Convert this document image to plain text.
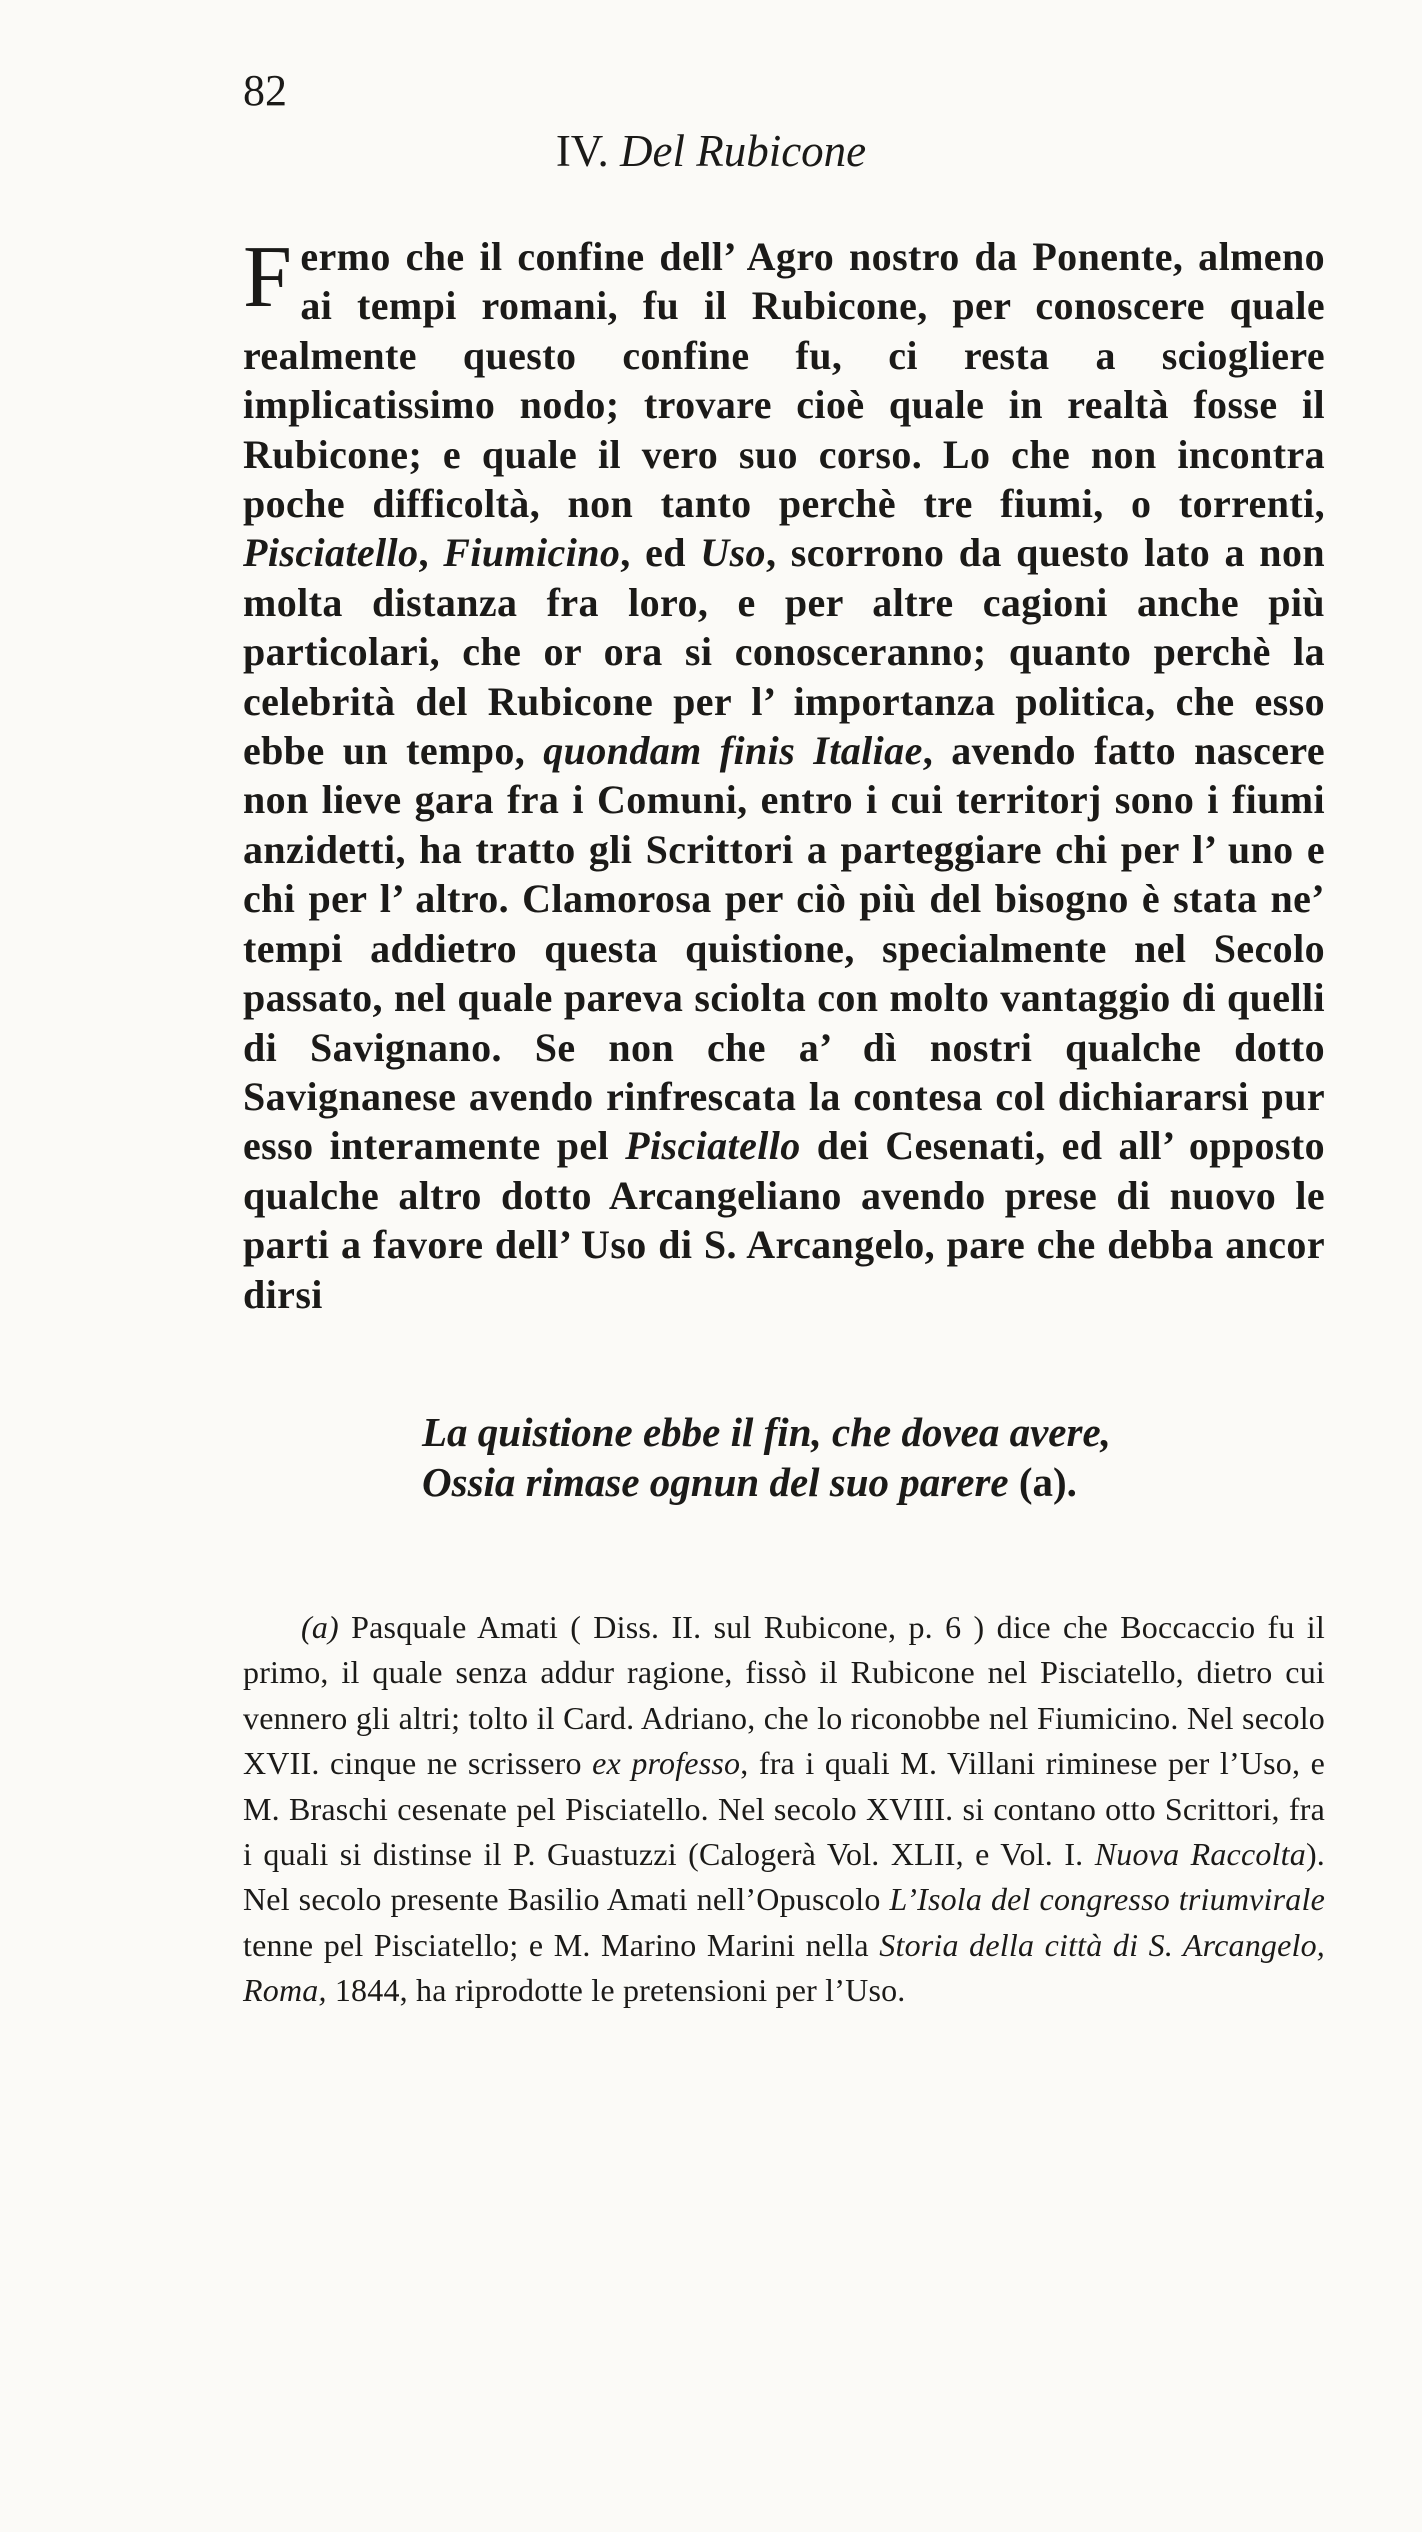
82
IV. Del Rubicone

Fermo che il confine dell’ Agro nostro da Ponente, almeno ai tempi romani, fu il Rubicone, per conoscere quale realmente questo confine fu, ci resta a sciogliere implicatissimo nodo; trovare cioè quale in realtà fosse il Rubicone; e quale il vero suo corso. Lo che non incontra poche difficoltà, non tanto perchè tre fiumi, o torrenti, Pisciatello, Fiumicino, ed Uso, scorrono da questo lato a non molta distanza fra loro, e per altre cagioni anche più particolari, che or ora si conosceranno; quanto perchè la celebrità del Rubicone per l’ importanza politica, che esso ebbe un tempo, quondam finis Italiae, avendo fatto nascere non lieve gara fra i Comuni, entro i cui territorj sono i fiumi anzidetti, ha tratto gli Scrittori a parteggiare chi per l’ uno e chi per l’ altro. Clamorosa per ciò più del bisogno è stata ne’ tempi addietro questa quistione, specialmente nel Secolo passato, nel quale pareva sciolta con molto vantaggio di quelli di Savignano. Se non che a’ dì nostri qualche dotto Savignanese avendo rinfrescata la contesa col dichiararsi pur esso interamente pel Pisciatello dei Cesenati, ed all’ opposto qualche altro dotto Arcangeliano avendo prese di nuovo le parti a favore dell’ Uso di S. Arcangelo, pare che debba ancor dirsi

La quistione ebbe il fin, che dovea avere,
Ossia rimase ognun del suo parere (a).

(a) Pasquale Amati ( Diss. II. sul Rubicone, p. 6 ) dice che Boccaccio fu il primo, il quale senza addur ragione, fissò il Rubicone nel Pisciatello, dietro cui vennero gli altri; tolto il Card. Adriano, che lo riconobbe nel Fiumicino. Nel secolo XVII. cinque ne scrissero ex professo, fra i quali M. Villani riminese per l’Uso, e M. Braschi cesenate pel Pisciatello. Nel secolo XVIII. si contano otto Scrittori, fra i quali si distinse il P. Guastuzzi (Calogerà Vol. XLII, e Vol. I. Nuova Raccolta). Nel secolo presente Basilio Amati nell’Opuscolo L’Isola del congresso triumvirale tenne pel Pisciatello; e M. Marino Marini nella Storia della città di S. Arcangelo, Roma, 1844, ha riprodotte le pretensioni per l’Uso.
